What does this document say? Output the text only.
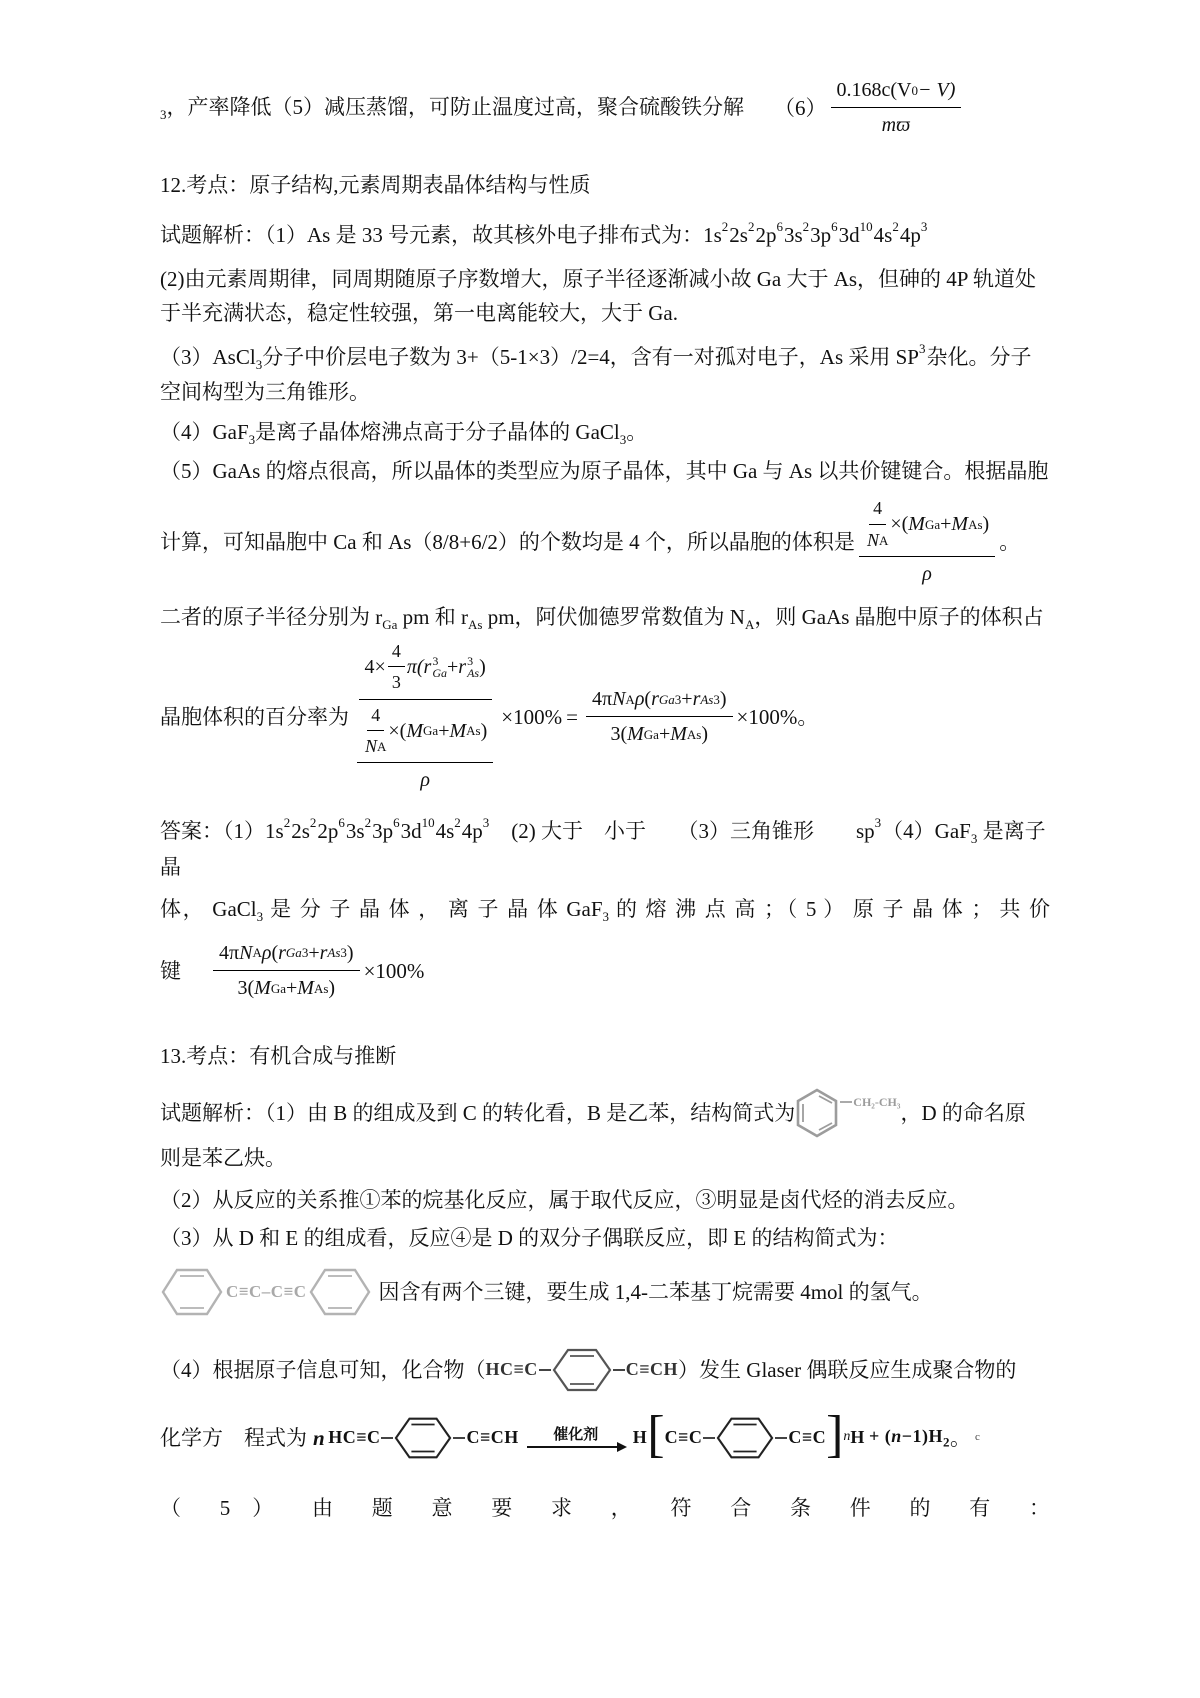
$_3$，产率降低（5）减压蒸馏，可防止温度过高，聚合硫酸铁分解 $(6) \frac{0.168c(V 0 - V)}{mϖ}$

12.考点：原子结构,元素周期表晶体结构与性质

试题解析：（1）As 是 33 号元素，故其核外电子排布式为：$1s^22s^22p^63s^23p^63d^{10}4s^24p^3$

(2)由元素周期律，同周期随原子序数增大，原子半径逐渐减小故 Ga 大于 As，但砷的 4P 轨道处
于半充满状态，稳定性较强，第一电离能较大，大于 Ga.

（3）AsCl$_3$分子中价层电子数为 3+（5-1×3）/2=4，含有一对孤对电子，As 采用 $SP^3$杂化。分子
空间构型为三角锥形。

（4）GaF$_3$是离子晶体熔沸点高于分子晶体的 GaCl$_3$。

（5）GaAs 的熔点很高，所以晶体的类型应为原子晶体，其中 Ga 与 As 以共价键键合。根据晶胞

计算，可知晶胞中 Ca 和 As（8/8+6/2）的个数均是 4 个，所以晶胞的体积是 $\frac{\frac{4}{\text{N A}} \times( M Ga + M As )}{\rho}$ 。

二者的原子半径分别为 $r_{Ga}$ pm 和 $r_{As}$ pm，阿伏伽德罗常数值为 $N_A$，则 GaAs 晶胞中原子的体积占

晶胞体积的百分率为 $4\times \frac{4}{3} \pi$( r 3
Ga + r 3
As )
$\frac{\frac{4}{\text{N A}} \times( M Ga + M As )}{\rho} \times 100\% = \frac{\text{4π N A ρ ( r Ga 3 + r As 3 )}}{\text{3( M Ga + M As )}} \times 100\%$。

答案：$(1)1s^22s^22p^63s^23p^63d^{10}4s^24p^3$　(2) 大于　小于　　（3）三角锥形　　$sp^3(4)GaF_3$ 是离子晶

体， GaCl$_3$ 是 分 子 晶 体 ， 离 子 晶 体 GaF$_3$ 的 熔 沸 点 高 ；（ 5 ） 原 子 晶 体 ； 共 价

键 $\frac{\text{4π N A ρ ( r Ga 3 + r As 3 )}}{\text{3( M Ga + M As )}} \times 100\%$

13.考点：有机合成与推断

试题解析：（1）由 B 的组成及到 C 的转化看，B 是乙苯，结构简式为	CH₂-CH₃ ，D 的命名原

则是苯乙炔。

（2）从反应的关系推①苯的烷基化反应，属于取代反应，③明显是卤代烃的消去反应。

（3）从 D 和 E 的组成看，反应④是 D 的双分子偶联反应，即 E 的结构简式为：

C≡C–C≡C	因含有两个三键，要生成 1,4-二苯基丁烷需要 4mol 的氢气。
（4）根据原子信息可知，化合物（ HC≡C	C≡CH ）发生 Glaser 偶联反应生成聚合物的
化学方　程式为 n HC≡C	C≡CH 催化剂 H [ C≡C	C≡C ] n $H + (n-1)H_2$ 。 c

（ 5 ） 由 题 意 要 求 ， 符 合 条 件 的 有 ：
